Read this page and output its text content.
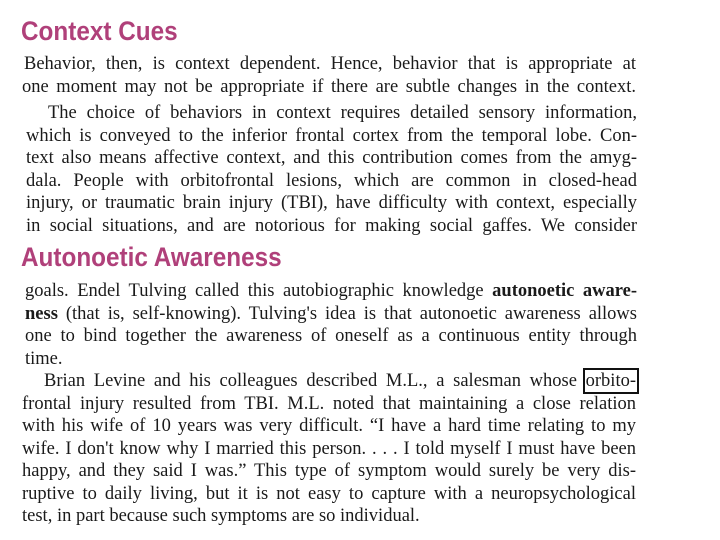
Context Cues
Behavior, then, is context dependent. Hence, behavior that is appropriate at
one moment may not be appropriate if there are subtle changes in the context.
The choice of behaviors in context requires detailed sensory information,
which is conveyed to the inferior frontal cortex from the temporal lobe. Con-
text also means affective context, and this contribution comes from the amyg-
dala. People with orbitofrontal lesions, which are common in closed-head
injury, or traumatic brain injury (TBI), have difficulty with context, especially
in social situations, and are notorious for making social gaffes. We consider
Autonoetic Awareness
goals. Endel Tulving called this autobiographic knowledge autonoetic aware-
ness (that is, self-knowing). Tulving's idea is that autonoetic awareness allows
one to bind together the awareness of oneself as a continuous entity through
time.
Brian Levine and his colleagues described M.L., a salesman whose orbito-
frontal injury resulted from TBI. M.L. noted that maintaining a close relation
with his wife of 10 years was very difficult. “I have a hard time relating to my
wife. I don't know why I married this person. . . . I told myself I must have been
happy, and they said I was.” This type of symptom would surely be very dis-
ruptive to daily living, but it is not easy to capture with a neuropsychological
test, in part because such symptoms are so individual.
